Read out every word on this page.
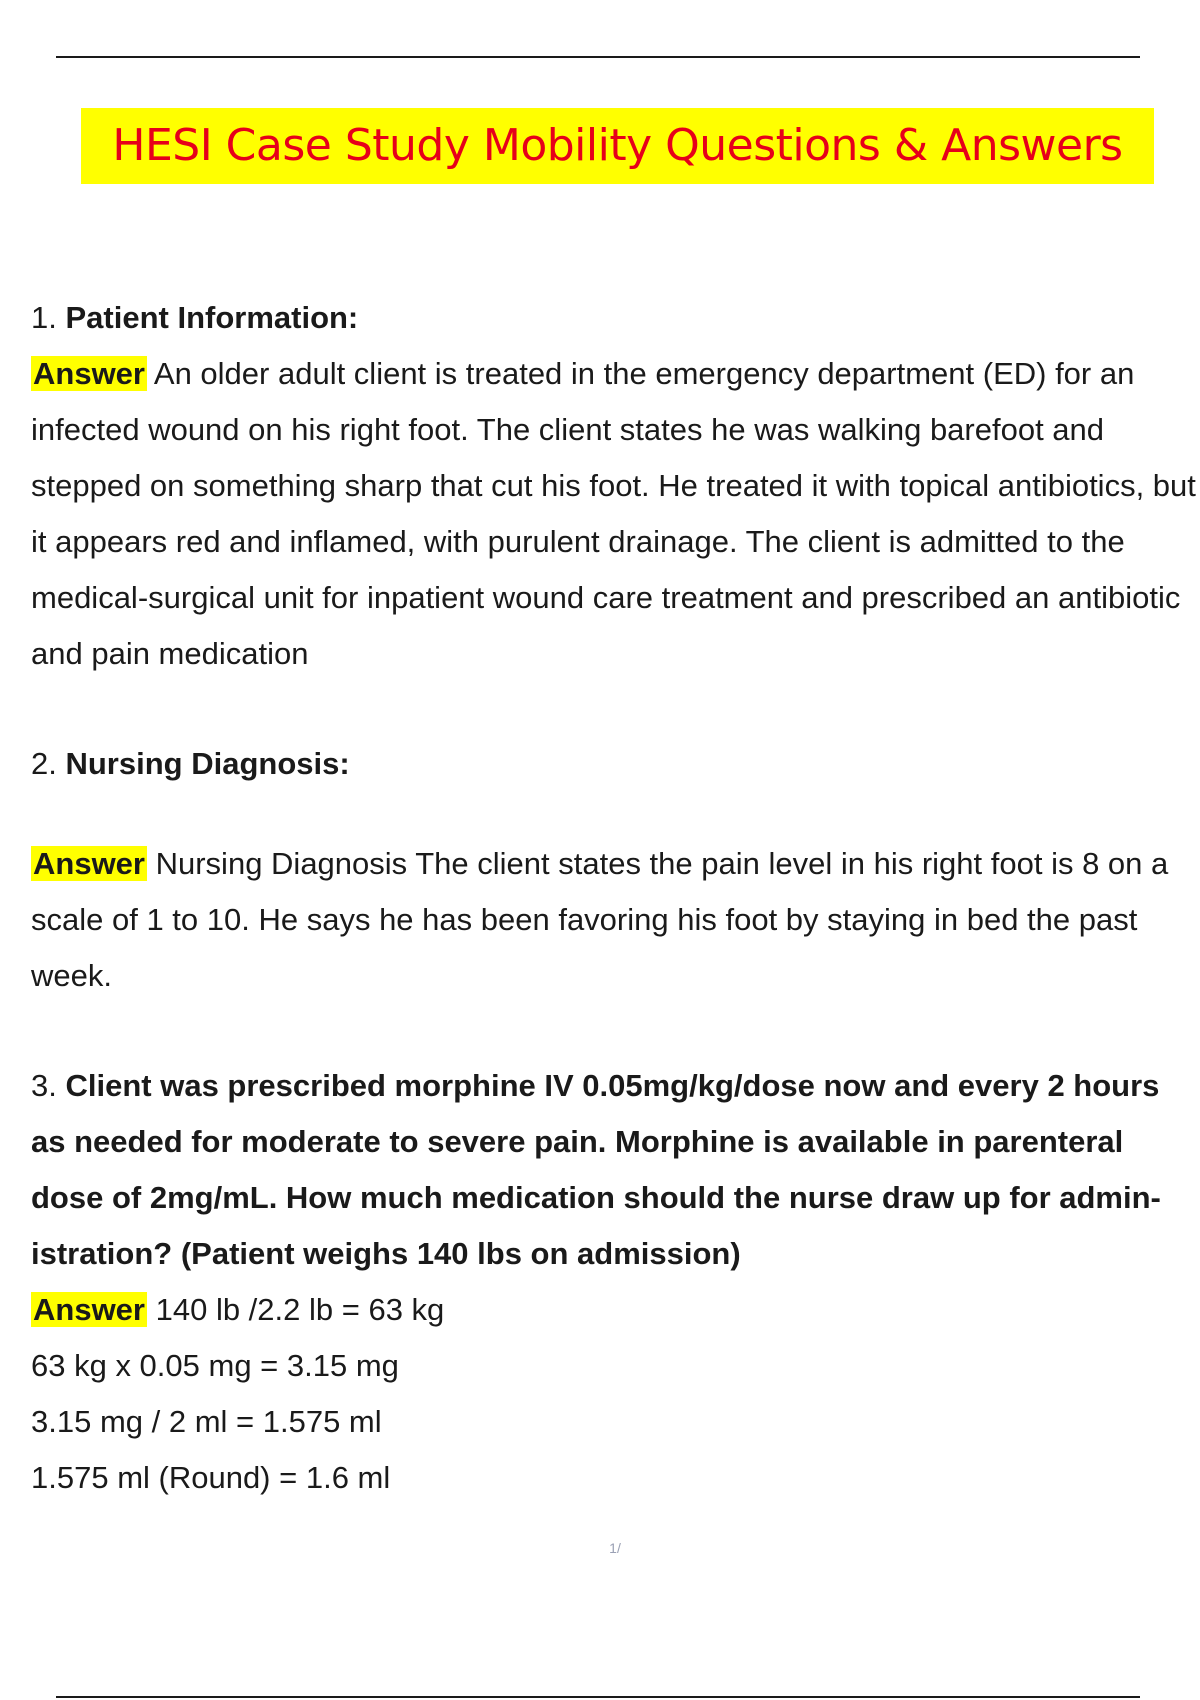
HESI Case Study Mobility Questions & Answers

1. Patient Information:

Answer An older adult client is treated in the emergency department (ED) for an infected wound on his right foot. The client states he was walking barefoot and stepped on something sharp that cut his foot. He treated it with topical antibiotics, but it appears red and inflamed, with purulent drainage. The client is admitted to the medical-surgical unit for inpatient wound care treatment and prescribed an antibiotic and pain medication

2. Nursing Diagnosis:

Answer Nursing Diagnosis The client states the pain level in his right foot is 8 on a scale of 1 to 10. He says he has been favoring his foot by staying in bed the past week.

3. Client was prescribed morphine IV 0.05mg/kg/dose now and every 2 hours as needed for moderate to severe pain. Morphine is available in parenteral dose of 2mg/mL. How much medication should the nurse draw up for admin-istration? (Patient weighs 140 lbs on admission)

Answer 140 lb /2.2 lb = 63 kg

63 kg x 0.05 mg = 3.15 mg

3.15 mg / 2 ml = 1.575 ml

1.575 ml (Round) = 1.6 ml

1/
